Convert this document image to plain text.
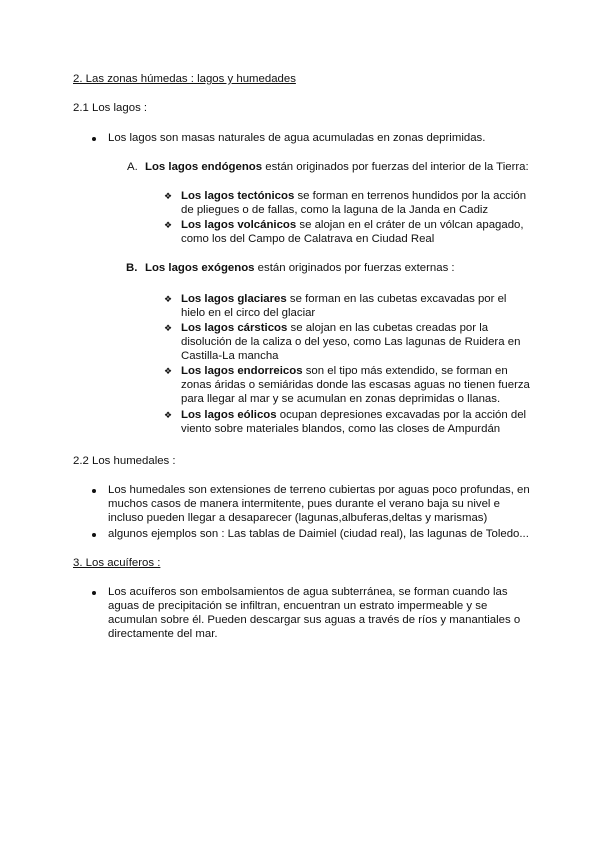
2. Las zonas húmedas : lagos y humedades
2.1 Los lagos :
Los lagos son masas naturales de agua acumuladas en zonas deprimidas.
A. Los lagos endógenos están originados por fuerzas del interior de la Tierra:
❖ Los lagos tectónicos se forman en terrenos hundidos por la acción
de pliegues o de fallas, como la laguna de la Janda en Cadiz
❖ Los lagos volcánicos se alojan en el cráter de un vólcan apagado,
como los del Campo de Calatrava en Ciudad Real
B. Los lagos exógenos están originados por fuerzas externas :
❖ Los lagos glaciares se forman en las cubetas excavadas por el
hielo en el circo del glaciar
❖ Los lagos cársticos se alojan en las cubetas creadas por la
disolución de la caliza o del yeso, como Las lagunas de Ruidera en
Castilla-La mancha
❖ Los lagos endorreicos son el tipo más extendido, se forman en
zonas áridas o semiáridas donde las escasas aguas no tienen fuerza
para llegar al mar y se acumulan en zonas deprimidas o llanas.
❖ Los lagos eólicos ocupan depresiones excavadas por la acción del
viento sobre materiales blandos, como las closes de Ampurdán
2.2 Los humedales :
Los humedales son extensiones de terreno cubiertas por aguas poco profundas, en
muchos casos de manera intermitente, pues durante el verano baja su nivel e
incluso pueden llegar a desaparecer (lagunas,albuferas,deltas y marismas)
algunos ejemplos son : Las tablas de Daimiel (ciudad real), las lagunas de Toledo...
3. Los acuíferos :
Los acuíferos son embolsamientos de agua subterránea, se forman cuando las
aguas de precipitación se infiltran, encuentran un estrato impermeable y se
acumulan sobre él. Pueden descargar sus aguas a través de ríos y manantiales o
directamente del mar.
